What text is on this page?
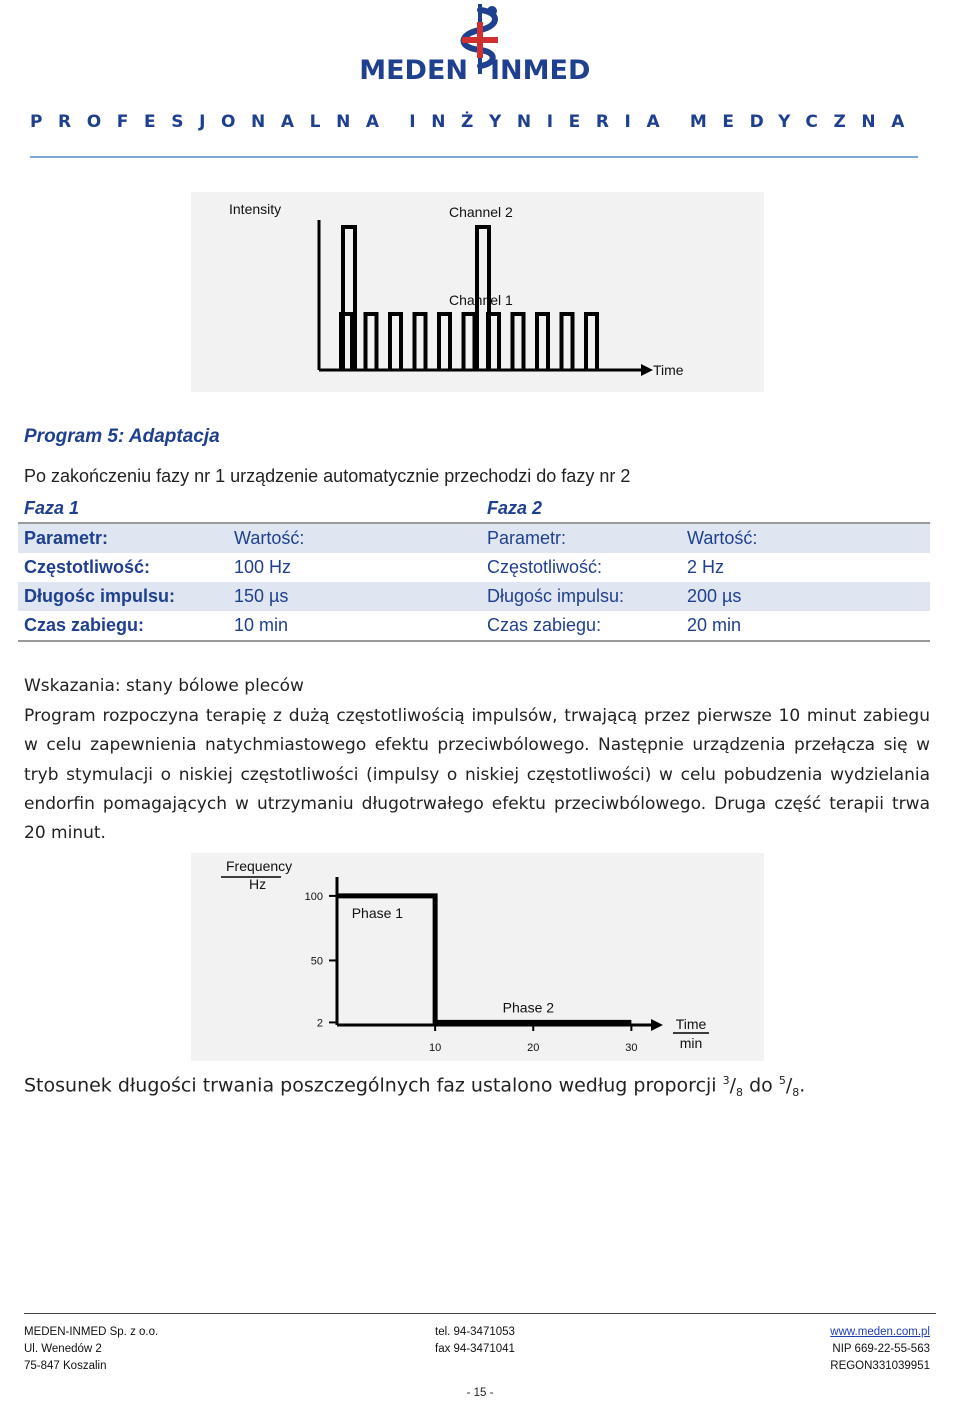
MEDEN INMED
PROFESJONALNA INŻYNIERIA MEDYCZNA
Intensity	Channel 2
Channel 1
Time
Program 5: Adaptacja
Po zakończeniu fazy nr 1 urządzenie automatycznie przechodzi do fazy nr 2
Faza 1		Faza 2	
Parametr:	Wartość:	Parametr:	Wartość:
Częstotliwość:	100 Hz	Częstotliwość:	2 Hz
Długośc impulsu:	150 µs	Długośc impulsu:	200 µs
Czas zabiegu:	10 min	Czas zabiegu:	20 min
Wskazania: stany bólowe pleców
Program rozpoczyna terapię z dużą częstotliwością impulsów, trwającą przez pierwsze 10 minut zabiegu w celu zapewnienia natychmiastowego efektu przeciwbólowego. Następnie urządzenia przełącza się w tryb stymulacji o niskiej częstotliwości (impulsy o niskiej częstotliwości) w celu pobudzenia wydzielania endorfin pomagających w utrzymaniu długotrwałego efektu przeciwbólowego. Druga część terapii trwa 20 minut.
Frequency
Hz
2
50
100
10	20	30
Time
min
Phase 1
Phase 2
Stosunek długości trwania poszczególnych faz ustalono według proporcji $^3/_8$ do $^5/_8$.
MEDEN-INMED Sp. z o.o.
Ul. Wenedów 2
75-847 Koszalin
tel. 94-3471053
fax 94-3471041
www.meden.com.pl
NIP 669-22-55-563
REGON331039951
- 15 -
